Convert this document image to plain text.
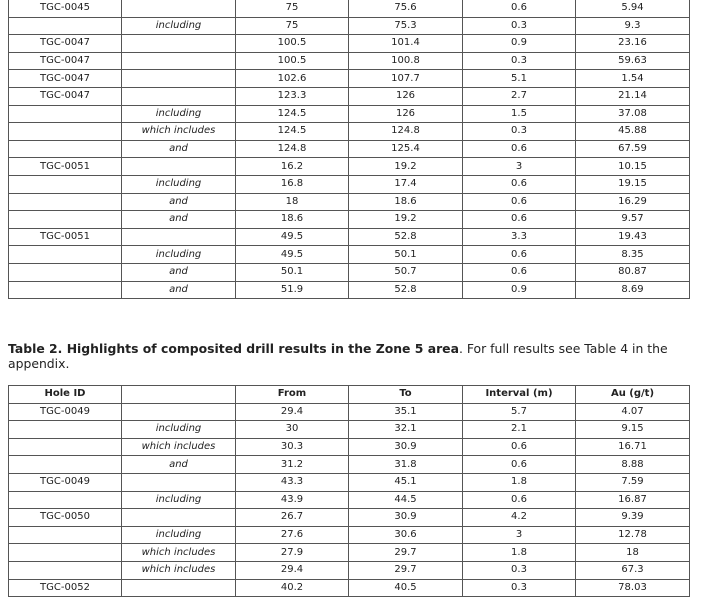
TGC-0045		75	75.6	0.6	5.94
	including	75	75.3	0.3	9.3
TGC-0047		100.5	101.4	0.9	23.16
TGC-0047		100.5	100.8	0.3	59.63
TGC-0047		102.6	107.7	5.1	1.54
TGC-0047		123.3	126	2.7	21.14
	including	124.5	126	1.5	37.08
	which includes	124.5	124.8	0.3	45.88
	and	124.8	125.4	0.6	67.59
TGC-0051		16.2	19.2	3	10.15
	including	16.8	17.4	0.6	19.15
	and	18	18.6	0.6	16.29
	and	18.6	19.2	0.6	9.57
TGC-0051		49.5	52.8	3.3	19.43
	including	49.5	50.1	0.6	8.35
	and	50.1	50.7	0.6	80.87
	and	51.9	52.8	0.9	8.69

Table 2. Highlights of composited drill results in the Zone 5 area. For full results see Table 4 in the appendix.

Hole ID		From	To	Interval (m)	Au (g/t)
TGC-0049		29.4	35.1	5.7	4.07
	including	30	32.1	2.1	9.15
	which includes	30.3	30.9	0.6	16.71
	and	31.2	31.8	0.6	8.88
TGC-0049		43.3	45.1	1.8	7.59
	including	43.9	44.5	0.6	16.87
TGC-0050		26.7	30.9	4.2	9.39
	including	27.6	30.6	3	12.78
	which includes	27.9	29.7	1.8	18
	which includes	29.4	29.7	0.3	67.3
TGC-0052		40.2	40.5	0.3	78.03
